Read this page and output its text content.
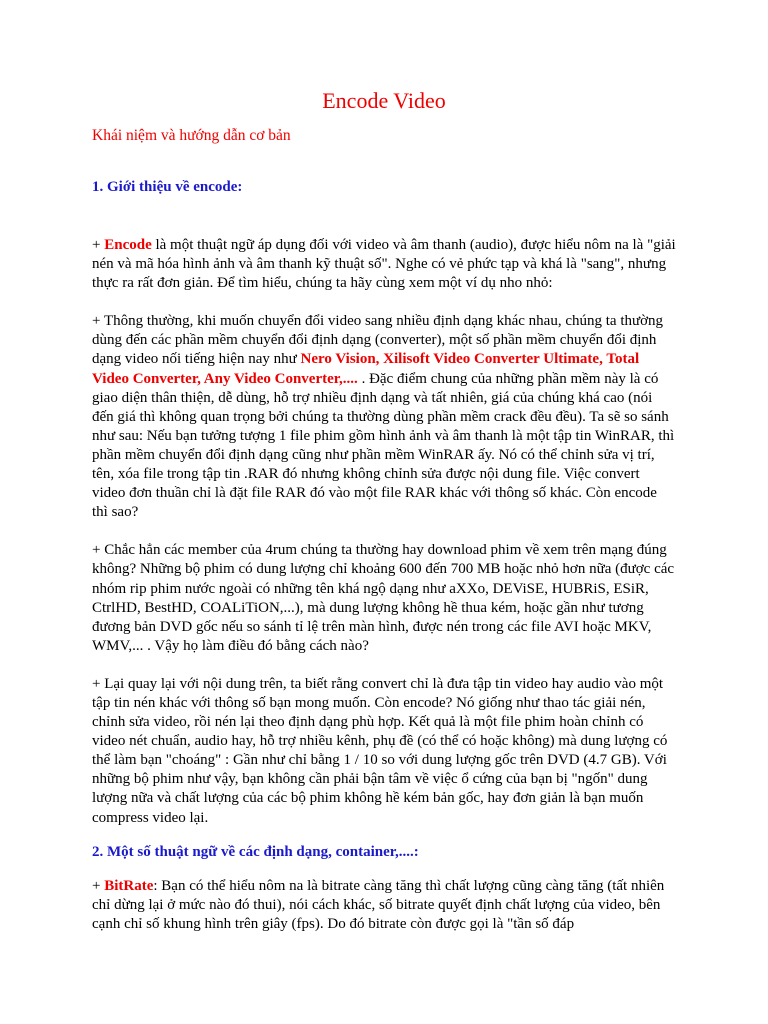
Encode Video

Khái niệm và hướng dẫn cơ bản

1. Giới thiệu về encode:

+ Encode là một thuật ngữ áp dụng đối với video và âm thanh (audio), được hiểu nôm na là "giải nén và mã hóa hình ảnh và âm thanh kỹ thuật số". Nghe có vẻ phức tạp và khá là "sang", nhưng thực ra rất đơn giản. Để tìm hiểu, chúng ta hãy cùng xem một ví dụ nho nhỏ:

+ Thông thường, khi muốn chuyển đổi video sang nhiều định dạng khác nhau, chúng ta thường dùng đến các phần mềm chuyển đổi định dạng (converter), một số phần mềm chuyển đổi định dạng video nối tiếng hiện nay như Nero Vision, Xilisoft Video Converter Ultimate, Total Video Converter, Any Video Converter,.... . Đặc điểm chung của những phần mềm này là có giao diện thân thiện, dễ dùng, hỗ trợ nhiều định dạng và tất nhiên, giá của chúng khá cao (nói đến giá thì không quan trọng bởi chúng ta thường dùng phần mềm crack đều đều). Ta sẽ so sánh như sau: Nếu bạn tưởng tượng 1 file phim gồm hình ảnh và âm thanh là một tập tin WinRAR, thì phần mềm chuyển đổi định dạng cũng như phần mềm WinRAR ấy. Nó có thể chỉnh sửa vị trí, tên, xóa file trong tập tin .RAR đó nhưng không chỉnh sửa được nội dung file. Việc convert video đơn thuần chỉ là đặt file RAR đó vào một file RAR khác với thông số khác. Còn encode thì sao?

+ Chắc hẳn các member của 4rum chúng ta thường hay download phim về xem trên mạng đúng không? Những bộ phim có dung lượng chỉ khoảng 600 đến 700 MB hoặc nhỏ hơn nữa (được các nhóm rip phim nước ngoài có những tên khá ngộ dạng như aXXo, DEViSE, HUBRiS, ESiR, CtrlHD, BestHD, COALiTiON,...), mà dung lượng không hề thua kém, hoặc gần như tương đương bản DVD gốc nếu so sánh tỉ lệ trên màn hình, được nén trong các file AVI hoặc MKV, WMV,... . Vậy họ làm điều đó bằng cách nào?

+ Lại quay lại với nội dung trên, ta biết rằng convert chỉ là đưa tập tin video hay audio vào một tập tin nén khác với thông số bạn mong muốn. Còn encode? Nó giống như thao tác giải nén, chỉnh sửa video, rồi nén lại theo định dạng phù hợp. Kết quả là một file phim hoàn chỉnh có video nét chuẩn, audio hay, hỗ trợ nhiều kênh, phụ đề (có thể có hoặc không) mà dung lượng có thể làm bạn "choáng" : Gần như chỉ bằng 1 / 10 so với dung lượng gốc trên DVD (4.7 GB). Với những bộ phim như vậy, bạn không cần phải bận tâm về việc ổ cứng của bạn bị "ngốn" dung lượng nữa và chất lượng của các bộ phim không hề kém bản gốc, hay đơn giản là bạn muốn compress video lại.

2. Một số thuật ngữ về các định dạng, container,....:

+ BitRate: Bạn có thể hiểu nôm na là bitrate càng tăng thì chất lượng cũng càng tăng (tất nhiên chỉ dừng lại ở mức nào đó thui), nói cách khác, số bitrate quyết định chất lượng của video, bên cạnh chỉ số khung hình trên giây (fps). Do đó bitrate còn được gọi là "tần số đáp
